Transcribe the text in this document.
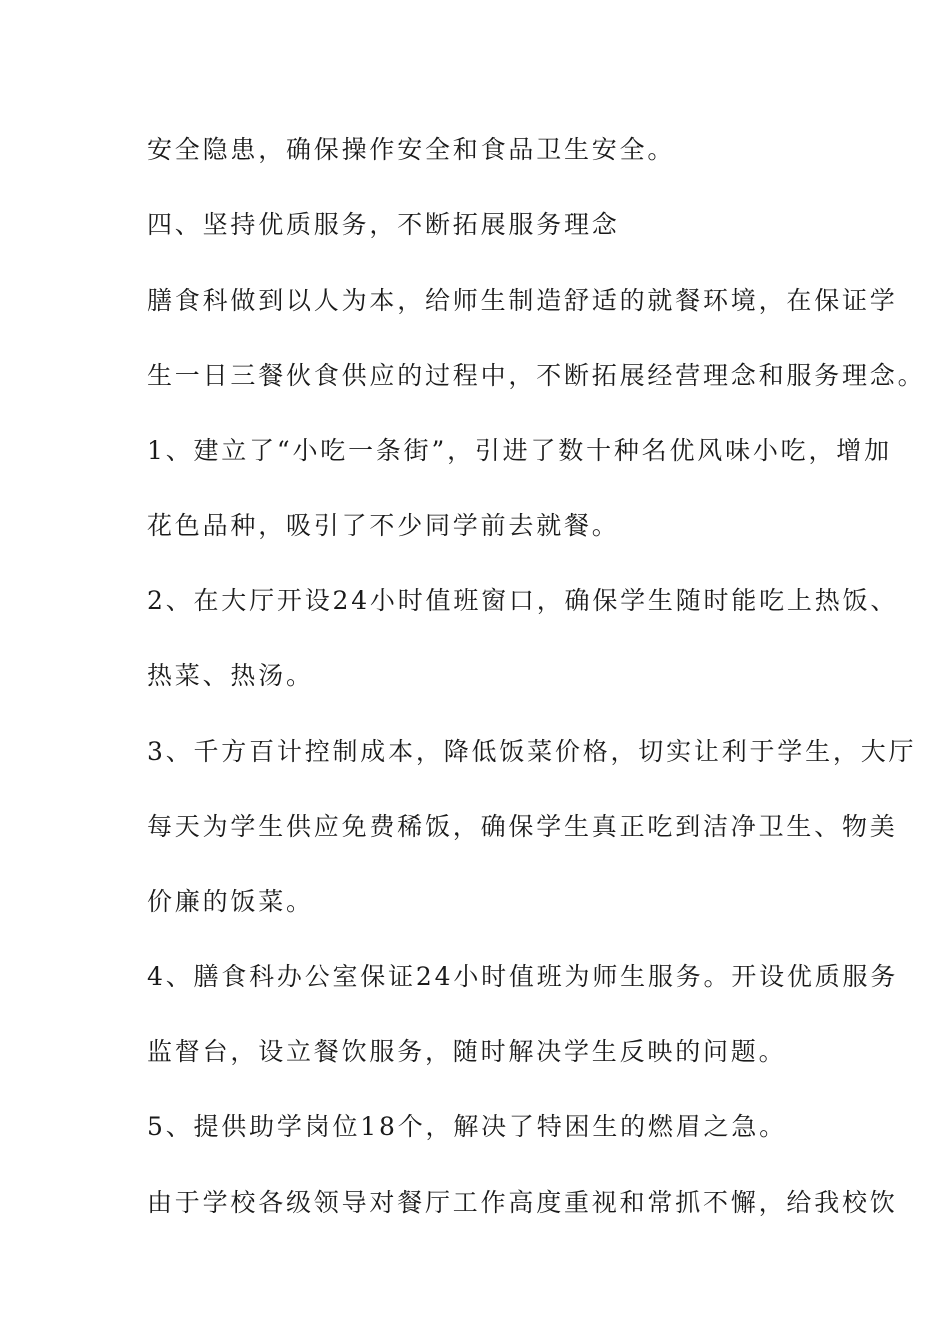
安全隐患，确保操作安全和食品卫生安全。
四、坚持优质服务，不断拓展服务理念
膳食科做到以人为本，给师生制造舒适的就餐环境，在保证学
生一日三餐伙食供应的过程中，不断拓展经营理念和服务理念。
1、建立了“小吃一条街”，引进了数十种名优风味小吃，增加
花色品种，吸引了不少同学前去就餐。
2、在大厅开设24小时值班窗口，确保学生随时能吃上热饭、
热菜、热汤。
3、千方百计控制成本，降低饭菜价格，切实让利于学生，大厅
每天为学生供应免费稀饭，确保学生真正吃到洁净卫生、物美
价廉的饭菜。
4、膳食科办公室保证24小时值班为师生服务。开设优质服务
监督台，设立餐饮服务，随时解决学生反映的问题。
5、提供助学岗位18个，解决了特困生的燃眉之急。
由于学校各级领导对餐厅工作高度重视和常抓不懈，给我校饮
